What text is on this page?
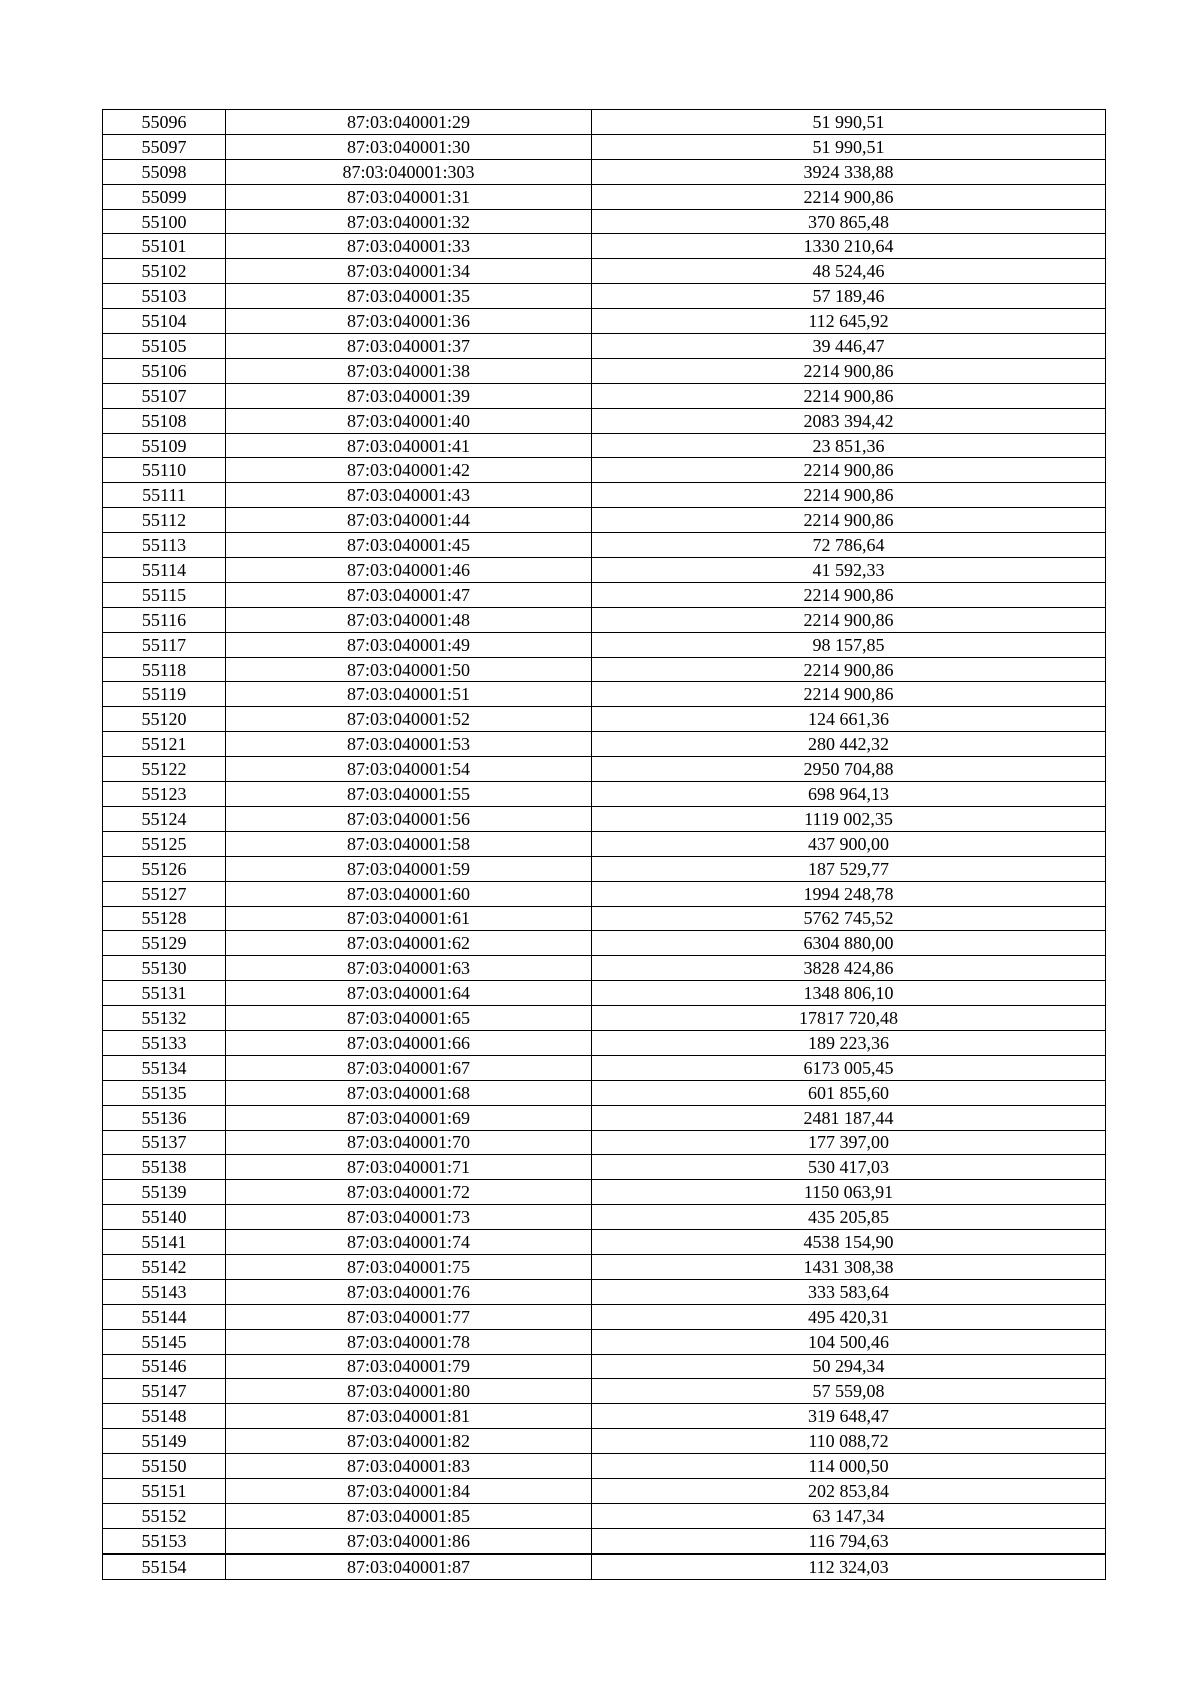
55096	87:03:040001:29	51 990,51
55097	87:03:040001:30	51 990,51
55098	87:03:040001:303	3924 338,88
55099	87:03:040001:31	2214 900,86
55100	87:03:040001:32	370 865,48
55101	87:03:040001:33	1330 210,64
55102	87:03:040001:34	48 524,46
55103	87:03:040001:35	57 189,46
55104	87:03:040001:36	112 645,92
55105	87:03:040001:37	39 446,47
55106	87:03:040001:38	2214 900,86
55107	87:03:040001:39	2214 900,86
55108	87:03:040001:40	2083 394,42
55109	87:03:040001:41	23 851,36
55110	87:03:040001:42	2214 900,86
55111	87:03:040001:43	2214 900,86
55112	87:03:040001:44	2214 900,86
55113	87:03:040001:45	72 786,64
55114	87:03:040001:46	41 592,33
55115	87:03:040001:47	2214 900,86
55116	87:03:040001:48	2214 900,86
55117	87:03:040001:49	98 157,85
55118	87:03:040001:50	2214 900,86
55119	87:03:040001:51	2214 900,86
55120	87:03:040001:52	124 661,36
55121	87:03:040001:53	280 442,32
55122	87:03:040001:54	2950 704,88
55123	87:03:040001:55	698 964,13
55124	87:03:040001:56	1119 002,35
55125	87:03:040001:58	437 900,00
55126	87:03:040001:59	187 529,77
55127	87:03:040001:60	1994 248,78
55128	87:03:040001:61	5762 745,52
55129	87:03:040001:62	6304 880,00
55130	87:03:040001:63	3828 424,86
55131	87:03:040001:64	1348 806,10
55132	87:03:040001:65	17817 720,48
55133	87:03:040001:66	189 223,36
55134	87:03:040001:67	6173 005,45
55135	87:03:040001:68	601 855,60
55136	87:03:040001:69	2481 187,44
55137	87:03:040001:70	177 397,00
55138	87:03:040001:71	530 417,03
55139	87:03:040001:72	1150 063,91
55140	87:03:040001:73	435 205,85
55141	87:03:040001:74	4538 154,90
55142	87:03:040001:75	1431 308,38
55143	87:03:040001:76	333 583,64
55144	87:03:040001:77	495 420,31
55145	87:03:040001:78	104 500,46
55146	87:03:040001:79	50 294,34
55147	87:03:040001:80	57 559,08
55148	87:03:040001:81	319 648,47
55149	87:03:040001:82	110 088,72
55150	87:03:040001:83	114 000,50
55151	87:03:040001:84	202 853,84
55152	87:03:040001:85	63 147,34
55153	87:03:040001:86	116 794,63
55154	87:03:040001:87	112 324,03
